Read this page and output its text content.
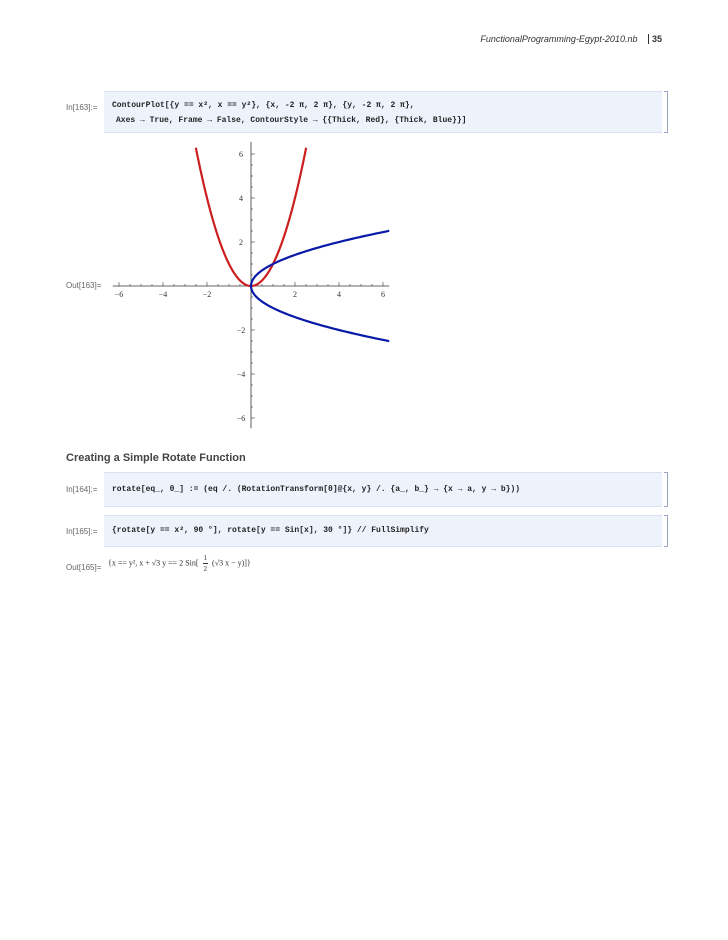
FunctionalProgramming-Egypt-2010.nb 35
In[163]:= ContourPlot[{y == x², x == y²}, {x, -2 π, 2 π}, {y, -2 π, 2 π},
Axes → True, Frame → False, ContourStyle → {{Thick, Red}, {Thick, Blue}}]
Out[163]=
−6	−4	−2	2	4	6
6
4
2
−2
−4
−6
Creating a Simple Rotate Function
In[164]:= rotate[eq_, θ_] := (eq /. (RotationTransform[θ]@{x, y} /. {a_, b_} → {x → a, y → b}))
In[165]:= {rotate[y == x², 90 °], rotate[y == Sin[x], 30 °]} // FullSimplify
Out[165]=
{x == y², x + √3 y == 2 $Sin[ \frac{1}{2} (√3$ x − y)]}
